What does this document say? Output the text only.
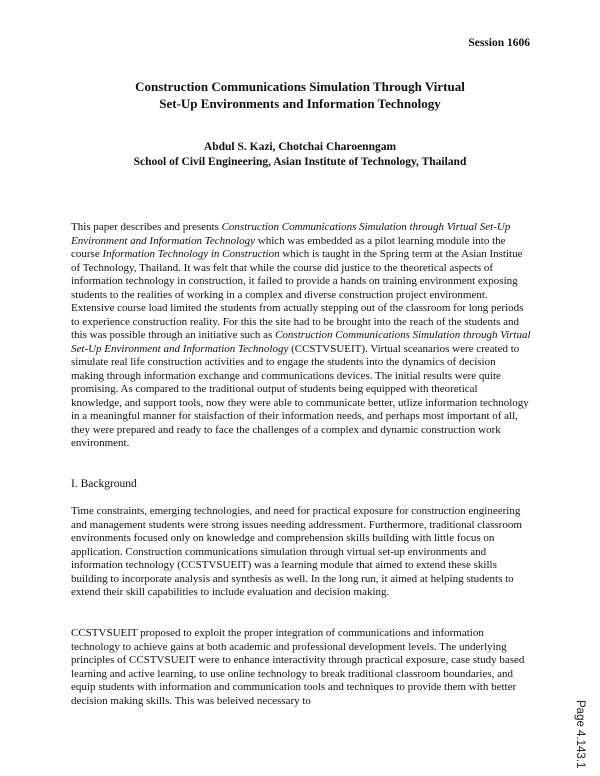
Session 1606
Construction Communications Simulation Through Virtual
Set-Up Environments and Information Technology
Abdul S. Kazi, Chotchai Charoenngam
School of Civil Engineering, Asian Institute of Technology, Thailand

This paper describes and presents Construction Communications Simulation through Virtual Set-Up Environment and Information Technology which was embedded as a pilot learning module into the course Information Technology in Construction which is taught in the Spring term at the Asian Institue of Technology, Thailand. It was felt that while the course did justice to the theoretical aspects of information technology in construction, it failed to provide a hands on training environment exposing students to the realities of working in a complex and diverse construction project environment. Extensive course load limited the students from actually stepping out of the classroom for long periods to experience construction reality. For this the site had to be brought into the reach of the students and this was possible through an initiative such as Construction Communications Simulation through Virtual Set-Up Environment and Information Technology (CCSTVSUEIT). Virtual sceanarios were created to simulate real life construction activities and to engage the students into the dynamics of decision making through information exchange and communications devices. The initial results were quite promising. As compared to the traditional output of students being equipped with theoretical knowledge, and support tools, now they were able to communicate better, utlize information technology in a meaningful manner for staisfaction of their information needs, and perhaps most important of all, they were prepared and ready to face the challenges of a complex and dynamic construction work environment.

I. Background

Time constraints, emerging technologies, and need for practical exposure for construction engineering and management students were strong issues needing addressment. Furthermore, traditional classroom environments focused only on knowledge and comprehension skills building with little focus on application. Construction communications simulation through virtual set-up environments and information technology (CCSTVSUEIT) was a learning module that aimed to extend these skills building to incorporate analysis and synthesis as well. In the long run, it aimed at helping students to extend their skill capabilities to include evaluation and decision making.

CCSTVSUEIT proposed to exploit the proper integration of communications and information technology to achieve gains at both academic and professional development levels. The underlying principles of CCSTVSUEIT were to enhance interactivity through practical exposure, case study based learning and active learning, to use online technology to break traditional classroom boundaries, and equip students with information and communication tools and techniques to provide them with better decision making skills. This was beleived necessary to	Page 4.143.1
